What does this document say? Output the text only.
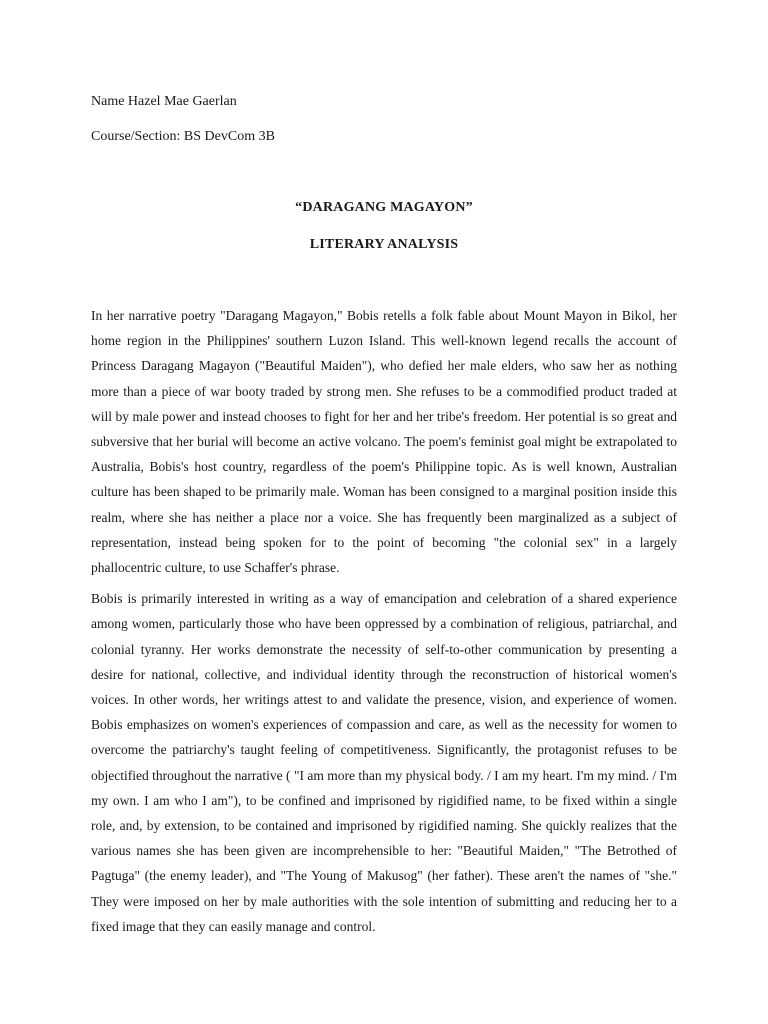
Name Hazel Mae Gaerlan
Course/Section: BS DevCom 3B
“DARAGANG MAGAYON”
LITERARY ANALYSIS

In her narrative poetry "Daragang Magayon," Bobis retells a folk fable about Mount Mayon in Bikol, her home region in the Philippines' southern Luzon Island. This well-known legend recalls the account of Princess Daragang Magayon ("Beautiful Maiden"), who defied her male elders, who saw her as nothing more than a piece of war booty traded by strong men. She refuses to be a commodified product traded at will by male power and instead chooses to fight for her and her tribe's freedom. Her potential is so great and subversive that her burial will become an active volcano. The poem's feminist goal might be extrapolated to Australia, Bobis's host country, regardless of the poem's Philippine topic. As is well known, Australian culture has been shaped to be primarily male. Woman has been consigned to a marginal position inside this realm, where she has neither a place nor a voice. She has frequently been marginalized as a subject of representation, instead being spoken for to the point of becoming "the colonial sex" in a largely phallocentric culture, to use Schaffer's phrase.

Bobis is primarily interested in writing as a way of emancipation and celebration of a shared experience among women, particularly those who have been oppressed by a combination of religious, patriarchal, and colonial tyranny. Her works demonstrate the necessity of self-to-other communication by presenting a desire for national, collective, and individual identity through the reconstruction of historical women's voices. In other words, her writings attest to and validate the presence, vision, and experience of women. Bobis emphasizes on women's experiences of compassion and care, as well as the necessity for women to overcome the patriarchy's taught feeling of competitiveness. Significantly, the protagonist refuses to be objectified throughout the narrative ( "I am more than my physical body. / I am my heart. I'm my mind. / I'm my own. I am who I am"), to be confined and imprisoned by rigidified name, to be fixed within a single role, and, by extension, to be contained and imprisoned by rigidified naming. She quickly realizes that the various names she has been given are incomprehensible to her: "Beautiful Maiden," "The Betrothed of Pagtuga" (the enemy leader), and "The Young of Makusog" (her father). These aren't the names of "she." They were imposed on her by male authorities with the sole intention of submitting and reducing her to a fixed image that they can easily manage and control.
